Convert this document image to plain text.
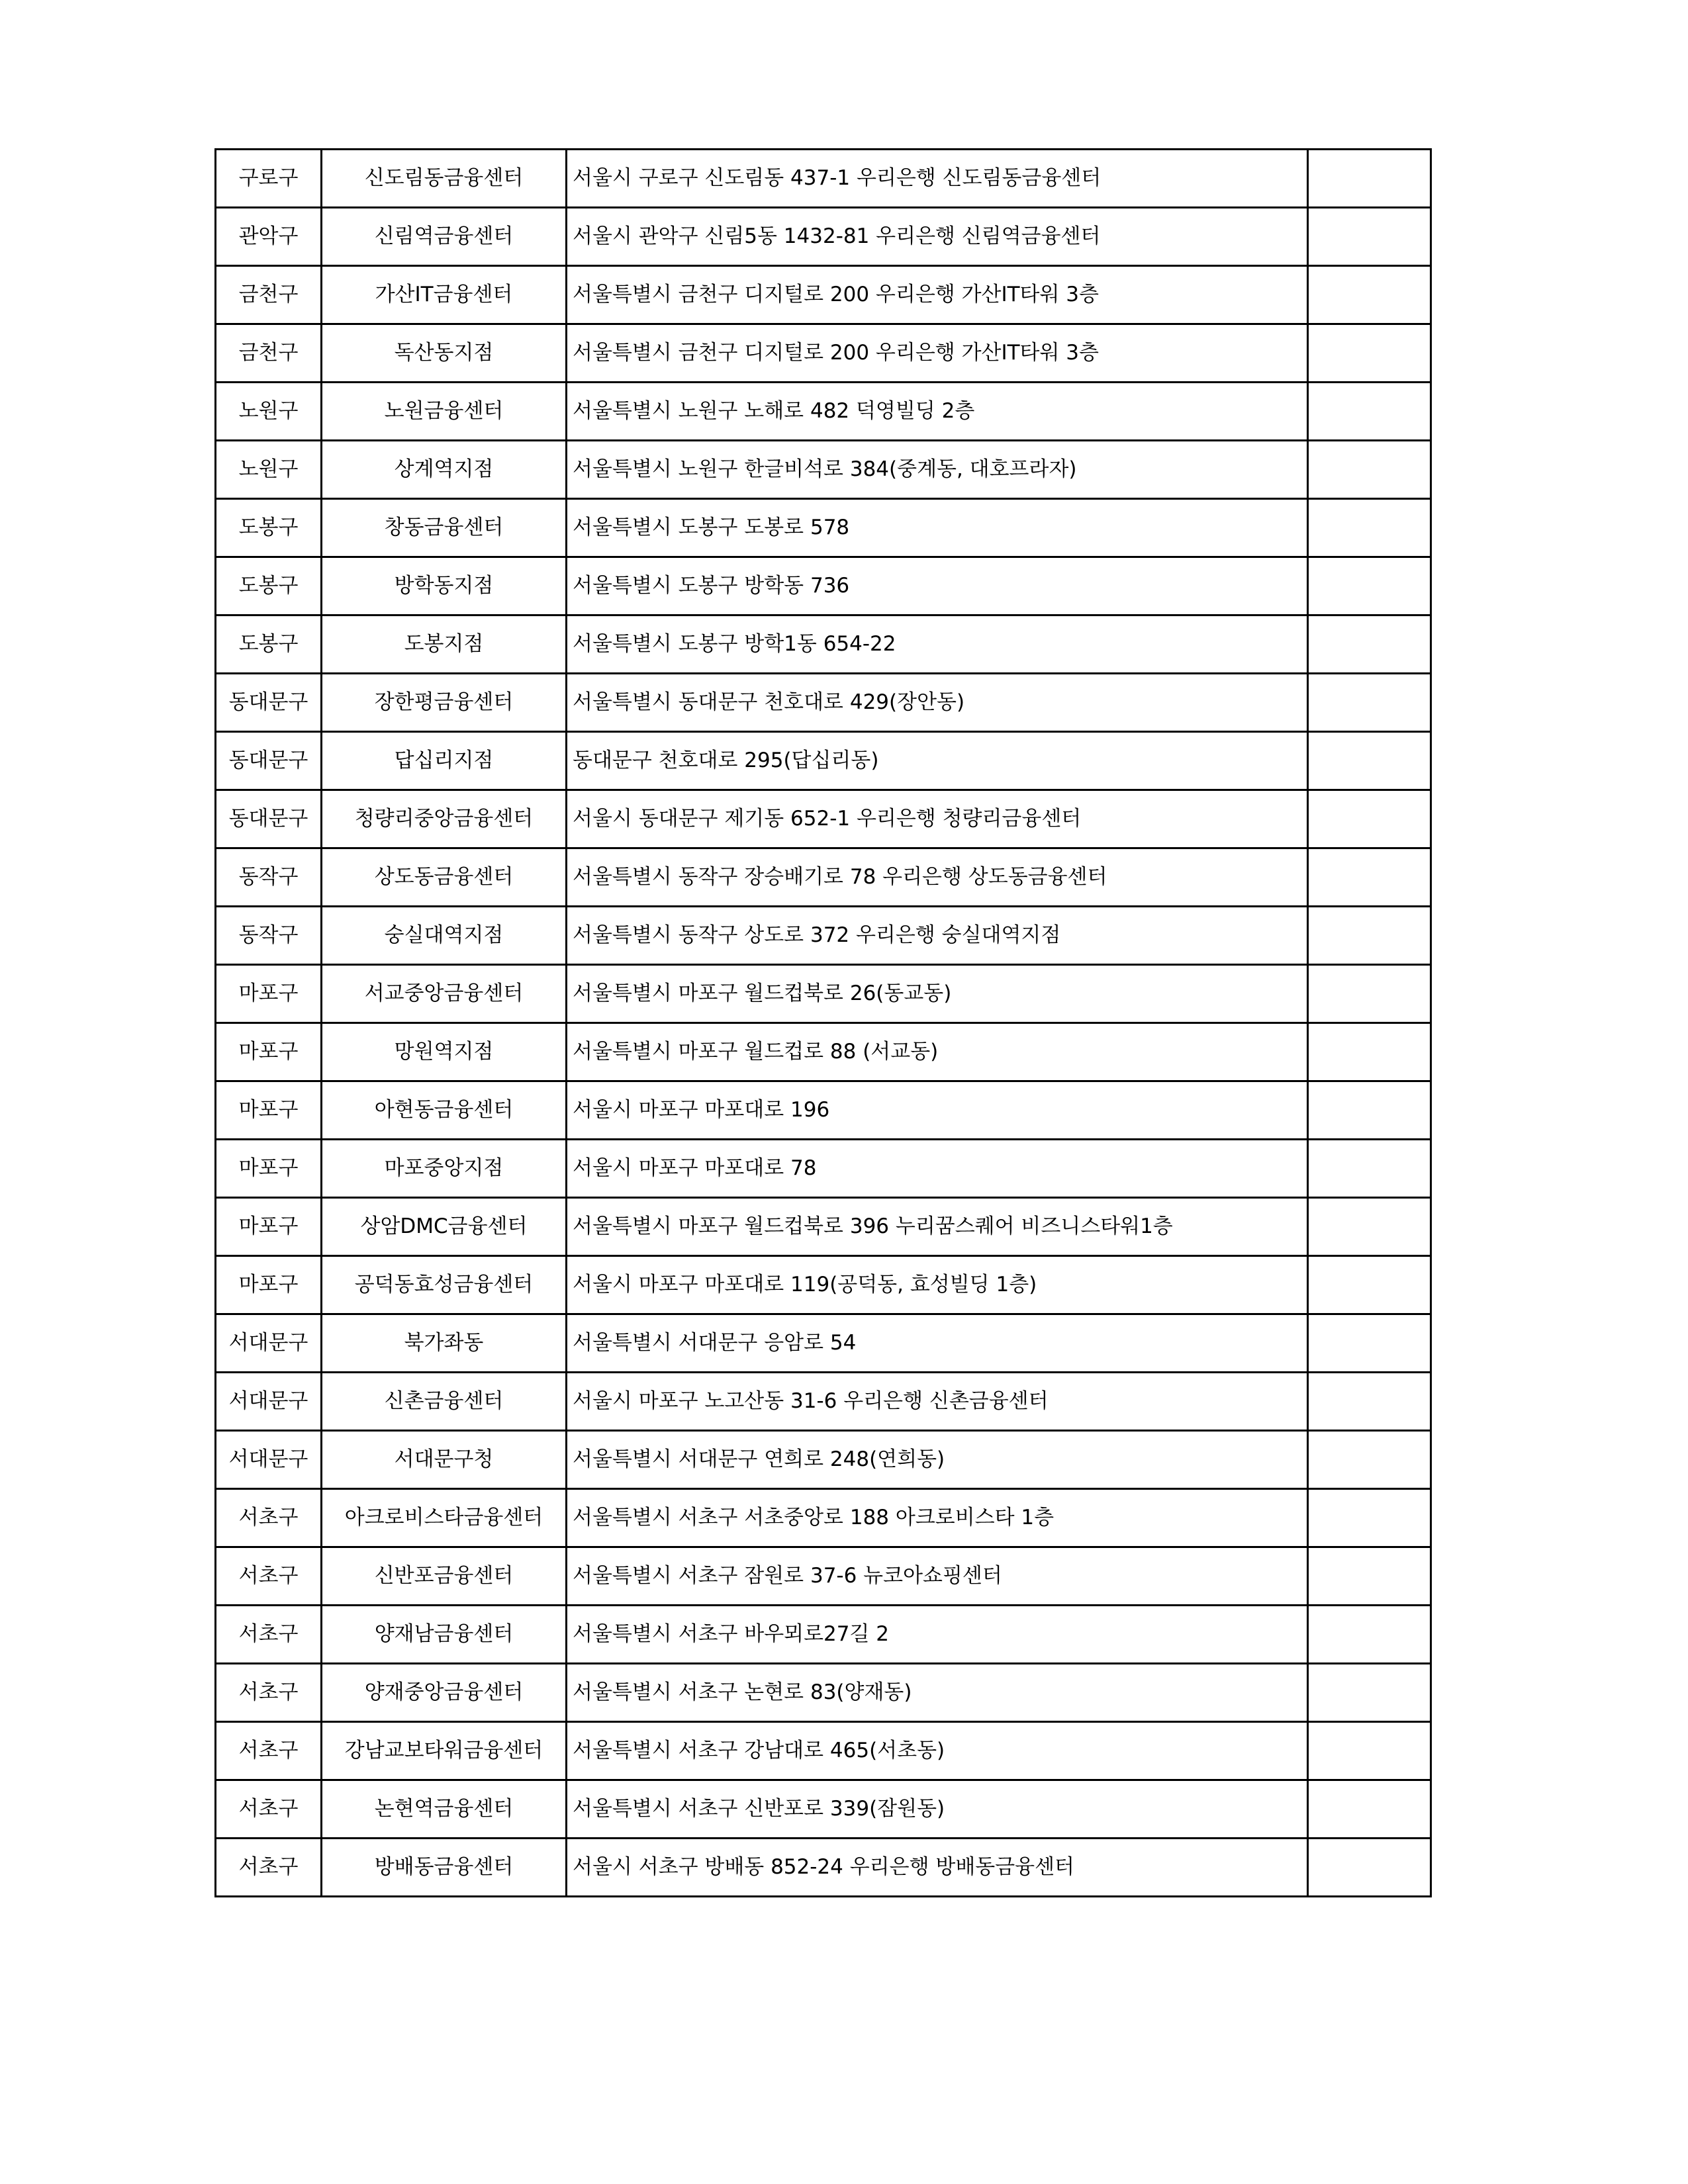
구로구	신도림동금융센터	서울시 구로구 신도림동 437-1 우리은행 신도림동금융센터	
관악구	신림역금융센터	서울시 관악구 신림5동 1432-81 우리은행 신림역금융센터	
금천구	가산IT금융센터	서울특별시 금천구 디지털로 200 우리은행 가산IT타워 3층	
금천구	독산동지점	서울특별시 금천구 디지털로 200 우리은행 가산IT타워 3층	
노원구	노원금융센터	서울특별시 노원구 노해로 482 덕영빌딩 2층	
노원구	상계역지점	서울특별시 노원구 한글비석로 384(중계동, 대호프라자)	
도봉구	창동금융센터	서울특별시 도봉구 도봉로 578	
도봉구	방학동지점	서울특별시 도봉구 방학동 736	
도봉구	도봉지점	서울특별시 도봉구 방학1동 654-22	
동대문구	장한평금융센터	서울특별시 동대문구 천호대로 429(장안동)	
동대문구	답십리지점	동대문구 천호대로 295(답십리동)	
동대문구	청량리중앙금융센터	서울시 동대문구 제기동 652-1 우리은행 청량리금융센터	
동작구	상도동금융센터	서울특별시 동작구 장승배기로 78 우리은행 상도동금융센터	
동작구	숭실대역지점	서울특별시 동작구 상도로 372 우리은행 숭실대역지점	
마포구	서교중앙금융센터	서울특별시 마포구 월드컵북로 26(동교동)	
마포구	망원역지점	서울특별시 마포구 월드컵로 88 (서교동)	
마포구	아현동금융센터	서울시 마포구 마포대로 196	
마포구	마포중앙지점	서울시 마포구 마포대로 78	
마포구	상암DMC금융센터	서울특별시 마포구 월드컵북로 396 누리꿈스퀘어 비즈니스타워1층	
마포구	공덕동효성금융센터	서울시 마포구 마포대로 119(공덕동, 효성빌딩 1층)	
서대문구	북가좌동	서울특별시 서대문구 응암로 54	
서대문구	신촌금융센터	서울시 마포구 노고산동 31-6 우리은행 신촌금융센터	
서대문구	서대문구청	서울특별시 서대문구 연희로 248(연희동)	
서초구	아크로비스타금융센터	서울특별시 서초구 서초중앙로 188 아크로비스타 1층	
서초구	신반포금융센터	서울특별시 서초구 잠원로 37-6 뉴코아쇼핑센터	
서초구	양재남금융센터	서울특별시 서초구 바우뫼로27길 2	
서초구	양재중앙금융센터	서울특별시 서초구 논현로 83(양재동)	
서초구	강남교보타워금융센터	서울특별시 서초구 강남대로 465(서초동)	
서초구	논현역금융센터	서울특별시 서초구 신반포로 339(잠원동)	
서초구	방배동금융센터	서울시 서초구 방배동 852-24 우리은행 방배동금융센터	
